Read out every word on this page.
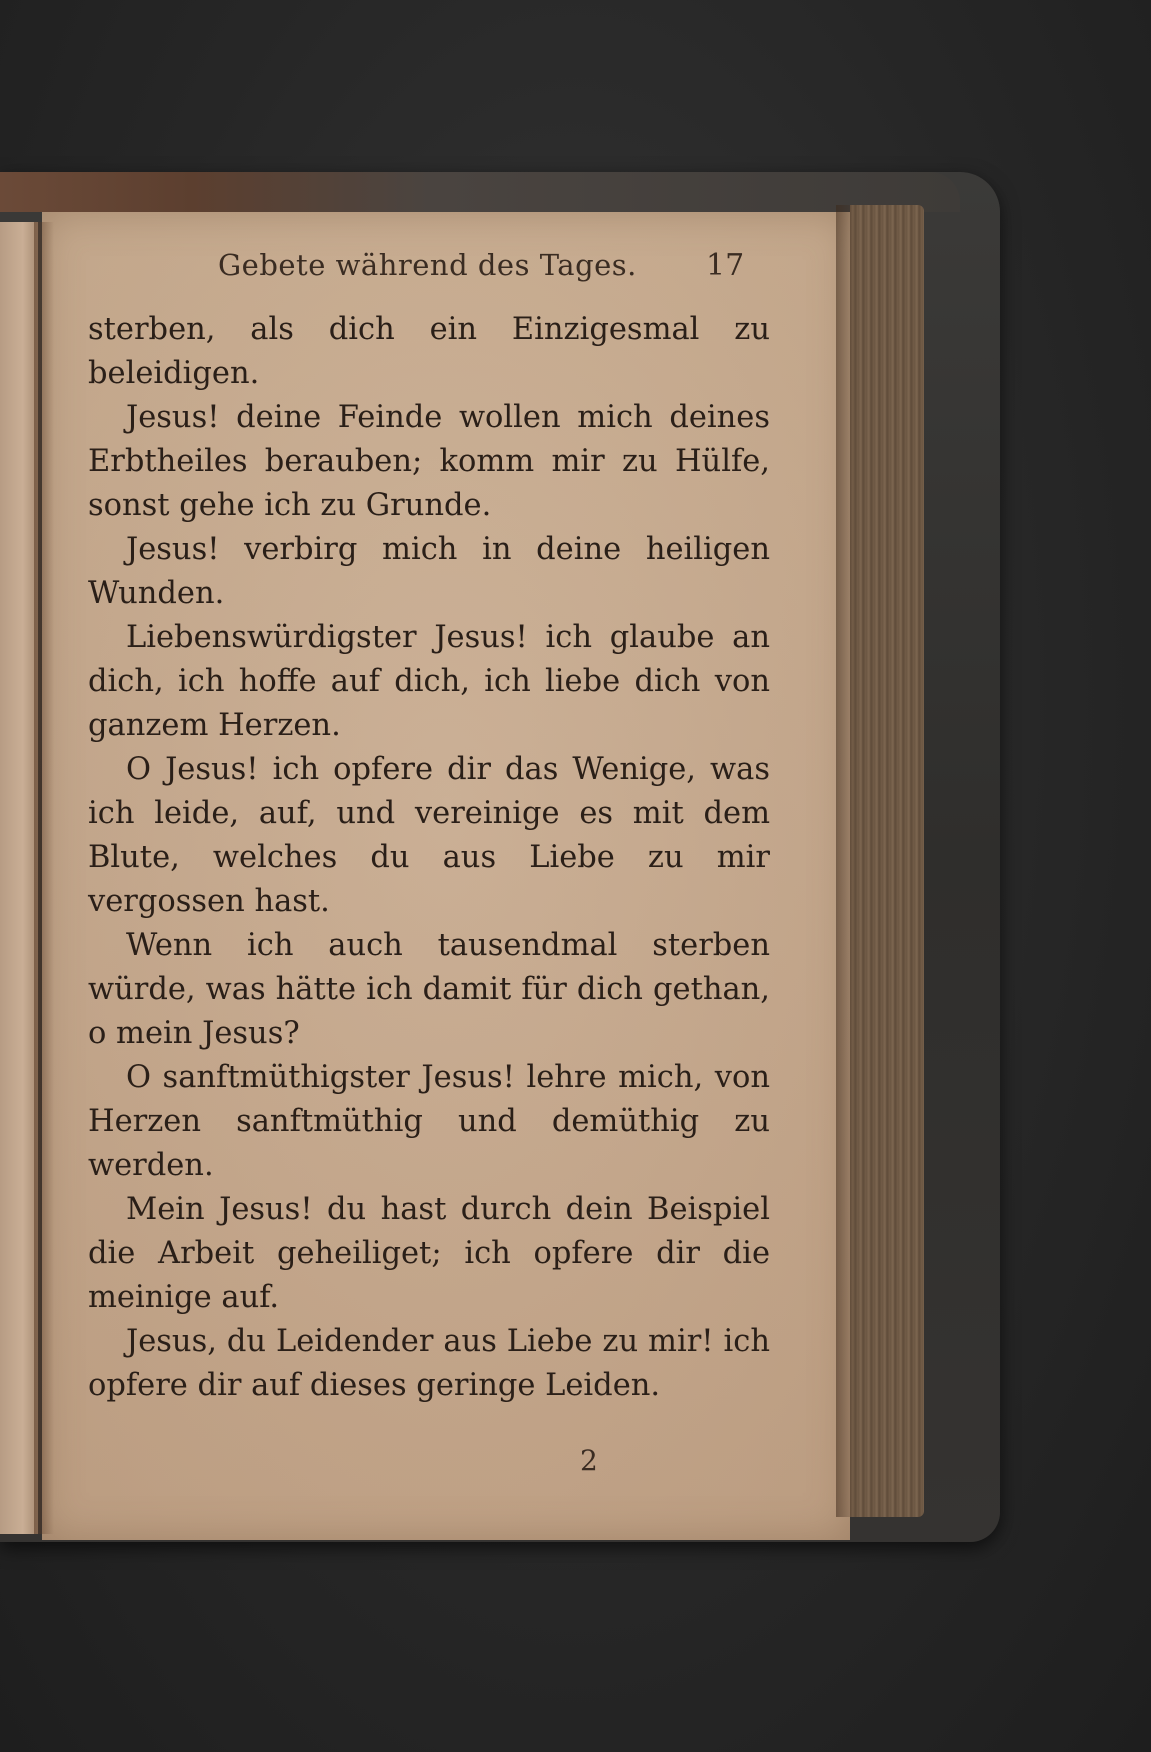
Gebete während des Tages. 17

sterben, als dich ein Einzigesmal zu beleidigen.

Jesus! deine Feinde wollen mich deines Erbtheiles berauben; komm mir zu Hülfe, sonst gehe ich zu Grunde.

Jesus! verbirg mich in deine heiligen Wunden.

Liebenswürdigster Jesus! ich glaube an dich, ich hoffe auf dich, ich liebe dich von ganzem Herzen.

O Jesus! ich opfere dir das Wenige, was ich leide, auf, und vereinige es mit dem Blute, welches du aus Liebe zu mir vergossen hast.

Wenn ich auch tausendmal sterben würde, was hätte ich damit für dich gethan, o mein Jesus?

O sanftmüthigster Jesus! lehre mich, von Herzen sanftmüthig und demüthig zu werden.

Mein Jesus! du hast durch dein Beispiel die Arbeit geheiliget; ich opfere dir die meinige auf.

Jesus, du Leidender aus Liebe zu mir! ich opfere dir auf dieses geringe Leiden.

2
